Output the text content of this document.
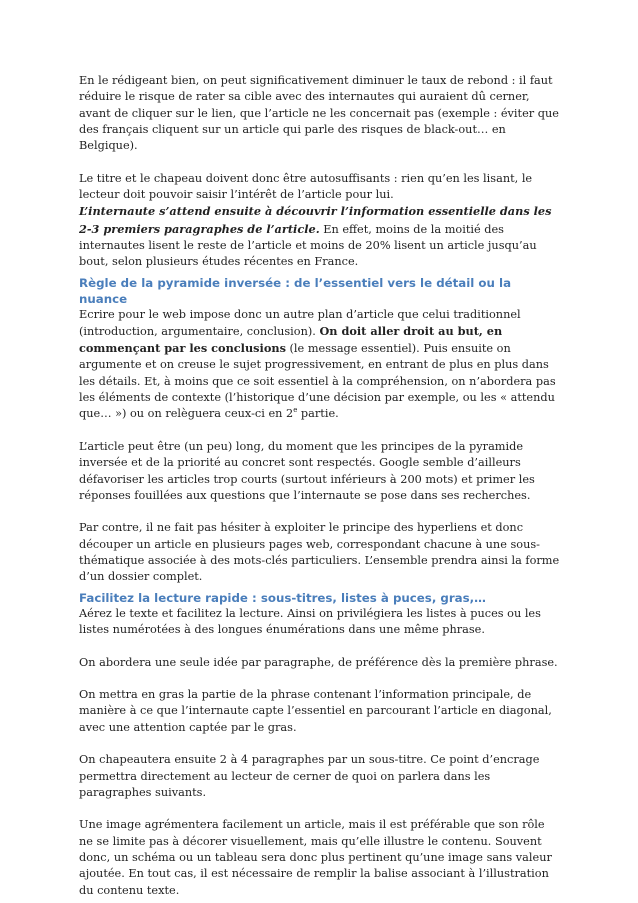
En le rédigeant bien, on peut significativement diminuer le taux de rebond : il faut réduire le risque de rater sa cible avec des internautes qui auraient dû cerner, avant de cliquer sur le lien, que l’article ne les concernait pas (exemple : éviter que des français cliquent sur un article qui parle des risques de black-out… en Belgique).

Le titre et le chapeau doivent donc être autosuffisants : rien qu’en les lisant, le lecteur doit pouvoir saisir l’intérêt de l’article pour lui.

L’internaute s’attend ensuite à découvrir l’information essentielle dans les 2-3 premiers paragraphes de l’article. En effet, moins de la moitié des internautes lisent le reste de l’article et moins de 20% lisent un article jusqu’au bout, selon plusieurs études récentes en France.

Règle de la pyramide inversée : de l’essentiel vers le détail ou la nuance

Ecrire pour le web impose donc un autre plan d’article que celui traditionnel (introduction, argumentaire, conclusion). On doit aller droit au but, en commençant par les conclusions (le message essentiel). Puis ensuite on argumente et on creuse le sujet progressivement, en entrant de plus en plus dans les détails. Et, à moins que ce soit essentiel à la compréhension, on n’abordera pas les éléments de contexte (l’historique d’une décision par exemple, ou les « attendu que… ») ou on relèguera ceux-ci en 2e partie.

L’article peut être (un peu) long, du moment que les principes de la pyramide inversée et de la priorité au concret sont respectés. Google semble d’ailleurs défavoriser les articles trop courts (surtout inférieurs à 200 mots) et primer les réponses fouillées aux questions que l’internaute se pose dans ses recherches.

Par contre, il ne fait pas hésiter à exploiter le principe des hyperliens et donc découper un article en plusieurs pages web, correspondant chacune à une sous-thématique associée à des mots-clés particuliers. L’ensemble prendra ainsi la forme d’un dossier complet.

Facilitez la lecture rapide : sous-titres, listes à puces, gras,…

Aérez le texte et facilitez la lecture. Ainsi on privilégiera les listes à puces ou les listes numérotées à des longues énumérations dans une même phrase.

On abordera une seule idée par paragraphe, de préférence dès la première phrase.

On mettra en gras la partie de la phrase contenant l’information principale, de manière à ce que l’internaute capte l’essentiel en parcourant l’article en diagonal, avec une attention captée par le gras.

On chapeautera ensuite 2 à 4 paragraphes par un sous-titre. Ce point d’encrage permettra directement au lecteur de cerner de quoi on parlera dans les paragraphes suivants.

Une image agrémentera facilement un article, mais il est préférable que son rôle ne se limite pas à décorer visuellement, mais qu’elle illustre le contenu. Souvent donc, un schéma ou un tableau sera donc plus pertinent qu’une image sans valeur ajoutée. En tout cas, il est nécessaire de remplir la balise associant à l’illustration du contenu texte.
